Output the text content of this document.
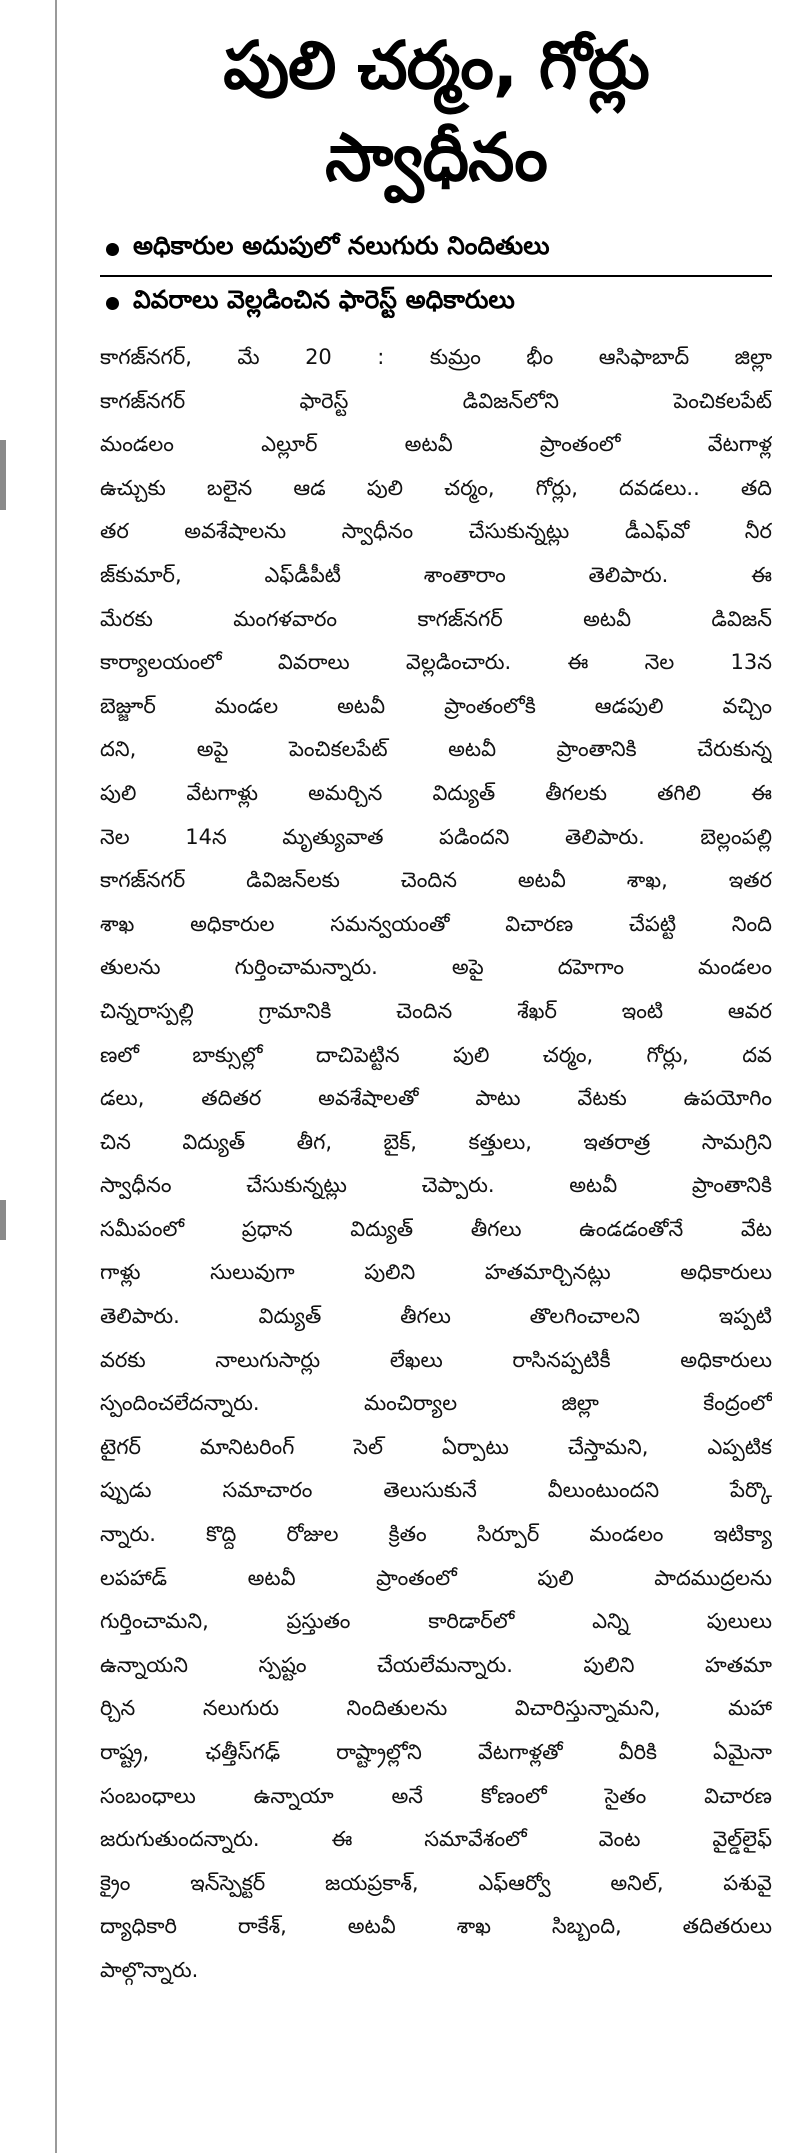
పులి చర్మం, గోర్లు
స్వాధీనం
అధికారుల అదుపులో నలుగురు నిందితులు
వివరాలు వెల్లడించిన ఫారెస్ట్ అధికారులు
కాగజ్‌నగర్, మే 20 : కుమ్రం భీం ఆసిఫాబాద్ జిల్లా
కాగజ్‌నగర్ ఫారెస్ట్ డివిజన్‌లోని పెంచికలపేట్
మండలం ఎల్లూర్ అటవీ ప్రాంతంలో వేటగాళ్ల
ఉచ్చుకు బలైన ఆడ పులి చర్మం, గోర్లు, దవడలు.. తది
తర అవశేషాలను స్వాధీనం చేసుకున్నట్లు డీఎఫ్‌వో నీర
జ్‌కుమార్, ఎఫ్‌డీపీటీ శాంతారాం తెలిపారు. ఈ
మేరకు మంగళవారం కాగజ్‌నగర్ అటవీ డివిజన్
కార్యాలయంలో వివరాలు వెల్లడించారు. ఈ నెల 13న
బెజ్జూర్ మండల అటవీ ప్రాంతంలోకి ఆడపులి వచ్చిం
దని, అపై పెంచికలపేట్ అటవీ ప్రాంతానికి చేరుకున్న
పులి వేటగాళ్లు అమర్చిన విద్యుత్ తీగలకు తగిలి ఈ
నెల 14న మృత్యువాత పడిందని తెలిపారు. బెల్లంపల్లి
కాగజ్‌నగర్ డివిజన్‌లకు చెందిన అటవీ శాఖ, ఇతర
శాఖ అధికారుల సమన్వయంతో విచారణ చేపట్టి నింది
తులను గుర్తించామన్నారు. అపై దహెగాం మండలం
చిన్నరాస్పల్లి గ్రామానికి చెందిన శేఖర్ ఇంటి ఆవర
ణలో బాక్సుల్లో దాచిపెట్టిన పులి చర్మం, గోర్లు, దవ
డలు, తదితర అవశేషాలతో పాటు వేటకు ఉపయోగిం
చిన విద్యుత్ తీగ, బైక్, కత్తులు, ఇతరాత్ర సామగ్రిని
స్వాధీనం చేసుకున్నట్లు చెప్పారు. అటవీ ప్రాంతానికి
సమీపంలో ప్రధాన విద్యుత్ తీగలు ఉండడంతోనే వేట
గాళ్లు సులువుగా పులిని హతమార్చినట్లు అధికారులు
తెలిపారు. విద్యుత్ తీగలు తొలగించాలని ఇప్పటి
వరకు నాలుగుసార్లు లేఖలు రాసినప్పటికీ అధికారులు
స్పందించలేదన్నారు. మంచిర్యాల జిల్లా కేంద్రంలో
టైగర్ మానిటరింగ్ సెల్ ఏర్పాటు చేస్తామని, ఎప్పటిక
ప్పుడు సమాచారం తెలుసుకునే వీలుంటుందని పేర్కొ
న్నారు. కొద్ది రోజుల క్రితం సిర్పూర్ మండలం ఇటిక్యా
లపహాడ్ అటవీ ప్రాంతంలో పులి పాదముద్రలను
గుర్తించామని, ప్రస్తుతం కారిడార్‌లో ఎన్ని పులులు
ఉన్నాయని స్పష్టం చేయలేమన్నారు. పులిని హతమా
ర్చిన నలుగురు నిందితులను విచారిస్తున్నామని, మహా
రాష్ట్ర, ఛత్తీస్‌గఢ్ రాష్ట్రాల్లోని వేటగాళ్లతో వీరికి ఏమైనా
సంబంధాలు ఉన్నాయా అనే కోణంలో సైతం విచారణ
జరుగుతుందన్నారు. ఈ సమావేశంలో వెంట వైల్డ్‌లైఫ్
క్రైం ఇన్‌స్పెక్టర్ జయప్రకాశ్, ఎఫ్‌ఆర్వో అనిల్, పశువై
ద్యాధికారి రాకేశ్, అటవీ శాఖ సిబ్బంది, తదితరులు
పాల్గొన్నారు.
